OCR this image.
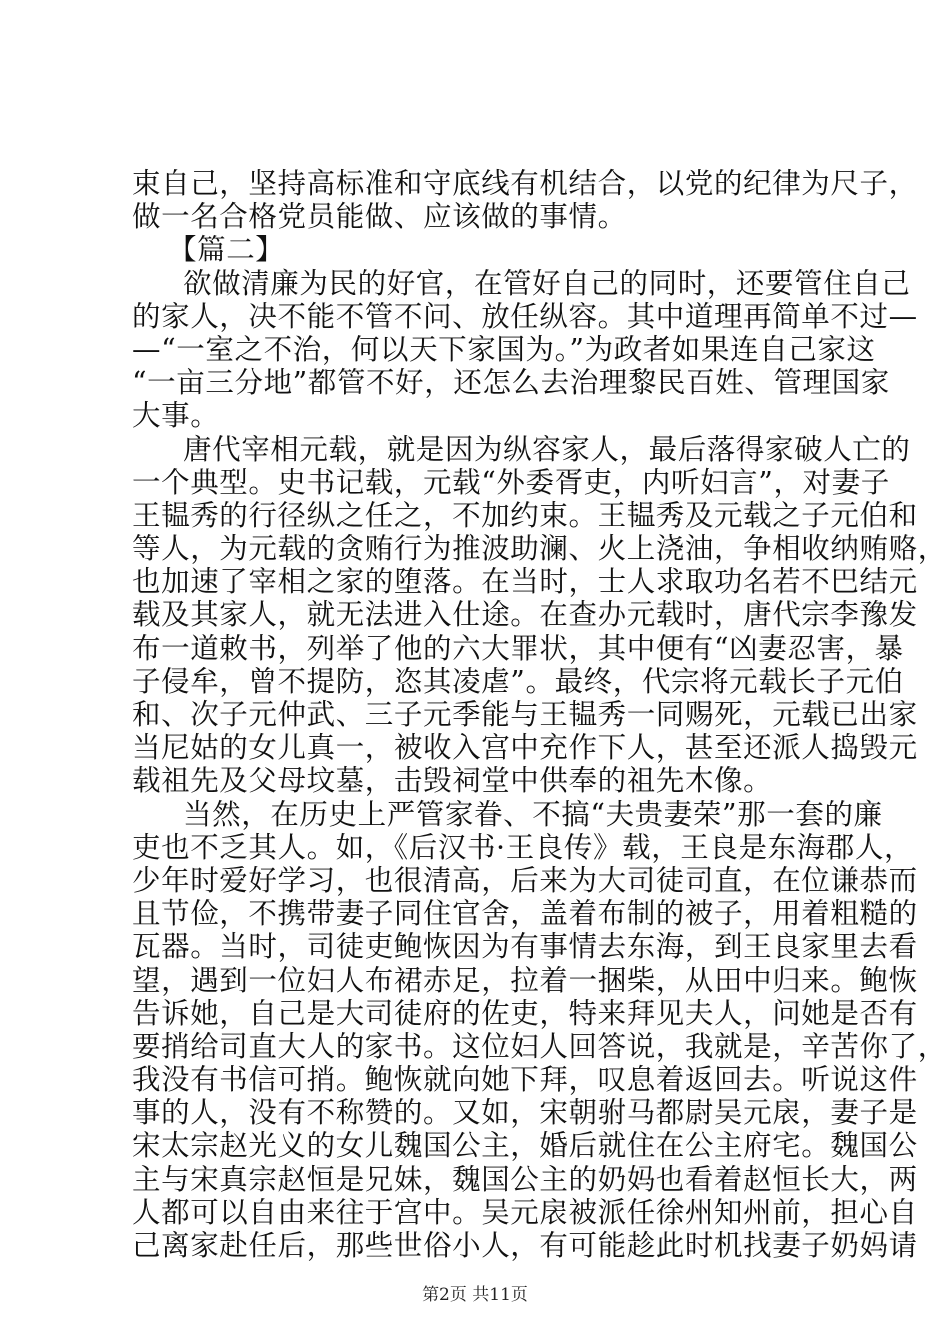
束自己，坚持高标准和守底线有机结合，以党的纪律为尺子，
做一名合格党员能做、应该做的事情。
【篇二】
欲做清廉为民的好官，在管好自己的同时，还要管住自己
的家人，决不能不管不问、放任纵容。其中道理再简单不过—
—“一室之不治，何以天下家国为。”为政者如果连自己家这
“一亩三分地”都管不好，还怎么去治理黎民百姓、管理国家
大事。
唐代宰相元载，就是因为纵容家人，最后落得家破人亡的
一个典型。史书记载，元载“外委胥吏，内听妇言”，对妻子
王韫秀的行径纵之任之，不加约束。王韫秀及元载之子元伯和
等人，为元载的贪贿行为推波助澜、火上浇油，争相收纳贿赂，
也加速了宰相之家的堕落。在当时，士人求取功名若不巴结元
载及其家人，就无法进入仕途。在查办元载时，唐代宗李豫发
布一道敕书，列举了他的六大罪状，其中便有“凶妻忍害，暴
子侵牟，曾不提防，恣其凌虐”。最终，代宗将元载长子元伯
和、次子元仲武、三子元季能与王韫秀一同赐死，元载已出家
当尼姑的女儿真一，被收入宫中充作下人，甚至还派人捣毁元
载祖先及父母坟墓，击毁祠堂中供奉的祖先木像。
当然，在历史上严管家眷、不搞“夫贵妻荣”那一套的廉
吏也不乏其人。如，《后汉书·王良传》载，王良是东海郡人，
少年时爱好学习，也很清高，后来为大司徒司直，在位谦恭而
且节俭，不携带妻子同住官舍，盖着布制的被子，用着粗糙的
瓦器。当时，司徒吏鲍恢因为有事情去东海，到王良家里去看
望，遇到一位妇人布裙赤足，拉着一捆柴，从田中归来。鲍恢
告诉她，自己是大司徒府的佐吏，特来拜见夫人，问她是否有
要捎给司直大人的家书。这位妇人回答说，我就是，辛苦你了，
我没有书信可捎。鲍恢就向她下拜，叹息着返回去。听说这件
事的人，没有不称赞的。又如，宋朝驸马都尉吴元扆，妻子是
宋太宗赵光义的女儿魏国公主，婚后就住在公主府宅。魏国公
主与宋真宗赵恒是兄妹，魏国公主的奶妈也看着赵恒长大，两
人都可以自由来往于宫中。吴元扆被派任徐州知州前，担心自
己离家赴任后，那些世俗小人，有可能趁此时机找妻子奶妈请
第2页 共11页
